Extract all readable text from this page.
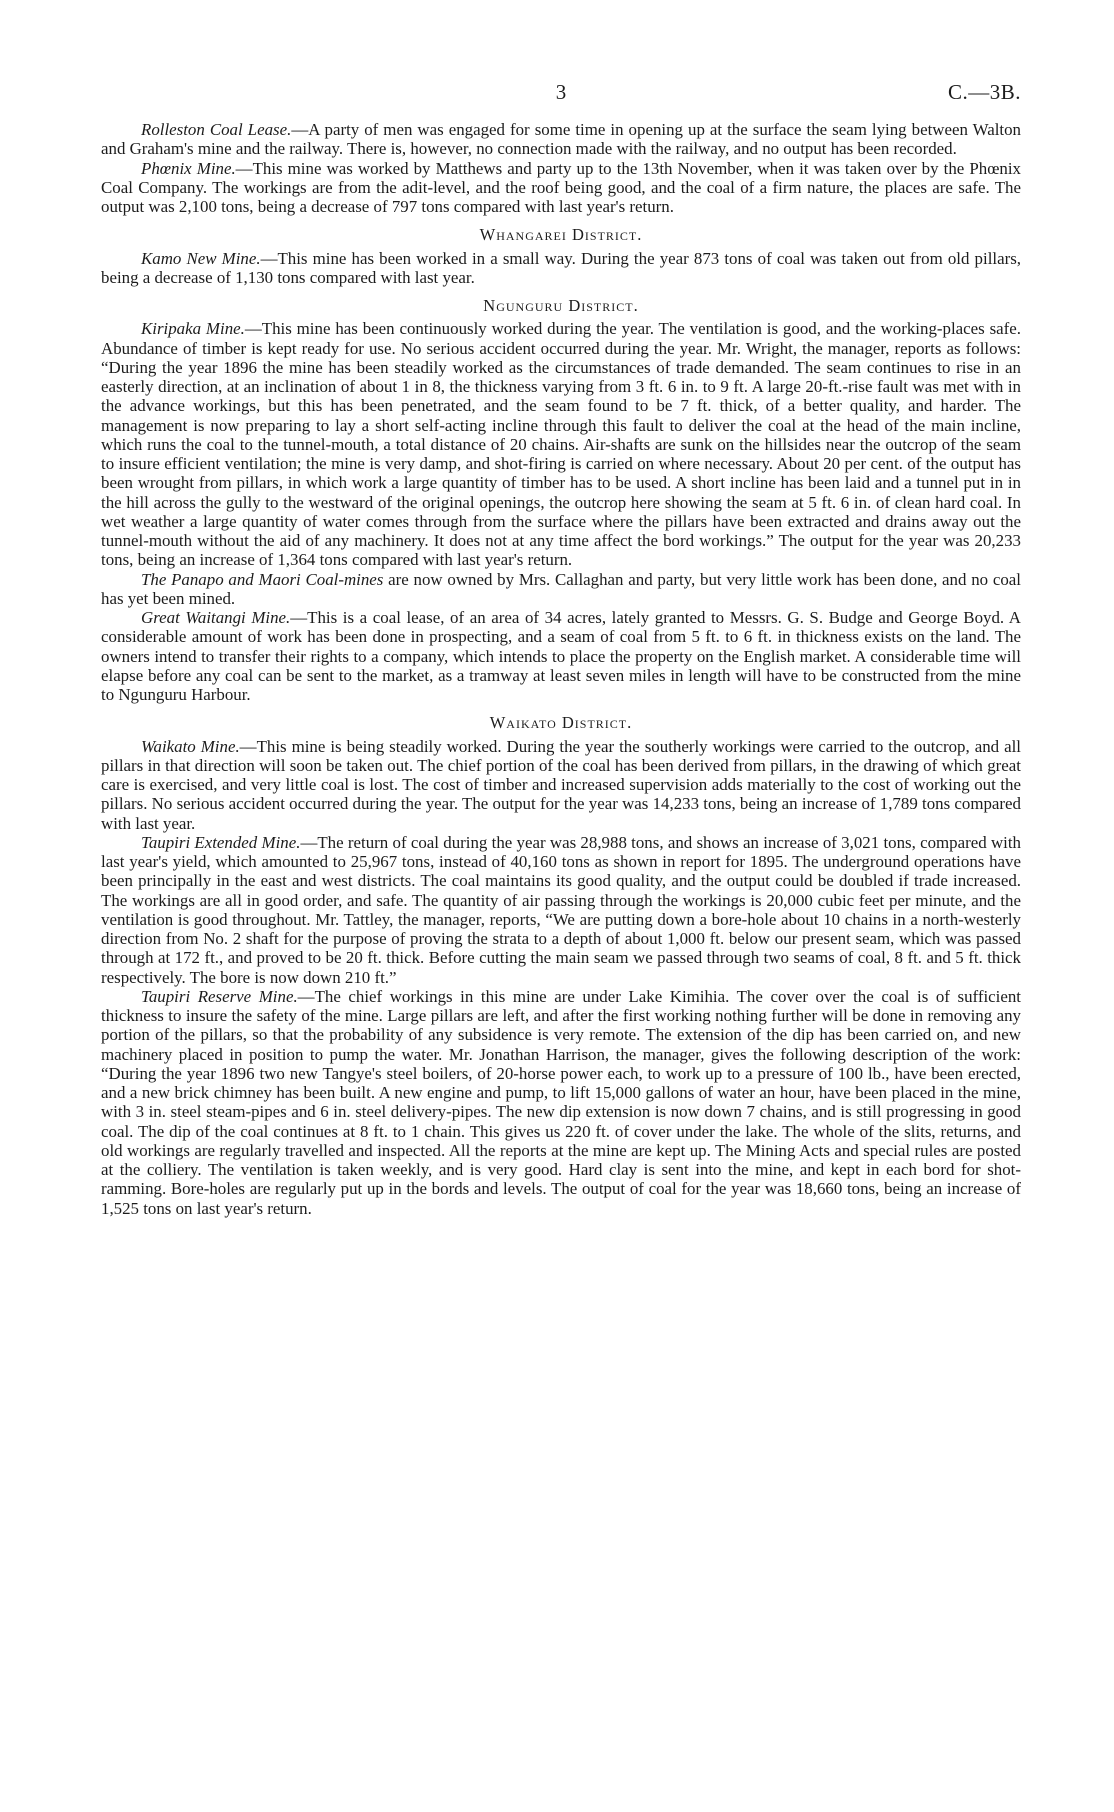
3	C.—3B.

Rolleston Coal Lease.—A party of men was engaged for some time in opening up at the surface the seam lying between Walton and Graham's mine and the railway. There is, however, no connection made with the railway, and no output has been recorded.

Phœnix Mine.—This mine was worked by Matthews and party up to the 13th November, when it was taken over by the Phœnix Coal Company. The workings are from the adit-level, and the roof being good, and the coal of a firm nature, the places are safe. The output was 2,100 tons, being a decrease of 797 tons compared with last year's return.

Whangarei District.

Kamo New Mine.—This mine has been worked in a small way. During the year 873 tons of coal was taken out from old pillars, being a decrease of 1,130 tons compared with last year.

Ngunguru District.

Kiripaka Mine.—This mine has been continuously worked during the year. The ventilation is good, and the working-places safe. Abundance of timber is kept ready for use. No serious accident occurred during the year. Mr. Wright, the manager, reports as follows: “During the year 1896 the mine has been steadily worked as the circumstances of trade demanded. The seam continues to rise in an easterly direction, at an inclination of about 1 in 8, the thickness varying from 3 ft. 6 in. to 9 ft. A large 20-ft.-rise fault was met with in the advance workings, but this has been penetrated, and the seam found to be 7 ft. thick, of a better quality, and harder. The management is now preparing to lay a short self-acting incline through this fault to deliver the coal at the head of the main incline, which runs the coal to the tunnel-mouth, a total distance of 20 chains. Air-shafts are sunk on the hillsides near the outcrop of the seam to insure efficient ventilation; the mine is very damp, and shot-firing is carried on where necessary. About 20 per cent. of the output has been wrought from pillars, in which work a large quantity of timber has to be used. A short incline has been laid and a tunnel put in in the hill across the gully to the westward of the original openings, the outcrop here showing the seam at 5 ft. 6 in. of clean hard coal. In wet weather a large quantity of water comes through from the surface where the pillars have been extracted and drains away out the tunnel-mouth without the aid of any machinery. It does not at any time affect the bord workings.” The output for the year was 20,233 tons, being an increase of 1,364 tons compared with last year's return.

The Panapo and Maori Coal-mines are now owned by Mrs. Callaghan and party, but very little work has been done, and no coal has yet been mined.

Great Waitangi Mine.—This is a coal lease, of an area of 34 acres, lately granted to Messrs. G. S. Budge and George Boyd. A considerable amount of work has been done in prospecting, and a seam of coal from 5 ft. to 6 ft. in thickness exists on the land. The owners intend to transfer their rights to a company, which intends to place the property on the English market. A considerable time will elapse before any coal can be sent to the market, as a tramway at least seven miles in length will have to be constructed from the mine to Ngunguru Harbour.

Waikato District.

Waikato Mine.—This mine is being steadily worked. During the year the southerly workings were carried to the outcrop, and all pillars in that direction will soon be taken out. The chief portion of the coal has been derived from pillars, in the drawing of which great care is exercised, and very little coal is lost. The cost of timber and increased supervision adds materially to the cost of working out the pillars. No serious accident occurred during the year. The output for the year was 14,233 tons, being an increase of 1,789 tons compared with last year.

Taupiri Extended Mine.—The return of coal during the year was 28,988 tons, and shows an increase of 3,021 tons, compared with last year's yield, which amounted to 25,967 tons, instead of 40,160 tons as shown in report for 1895. The underground operations have been principally in the east and west districts. The coal maintains its good quality, and the output could be doubled if trade increased. The workings are all in good order, and safe. The quantity of air passing through the workings is 20,000 cubic feet per minute, and the ventilation is good throughout. Mr. Tattley, the manager, reports, “We are putting down a bore-hole about 10 chains in a north-westerly direction from No. 2 shaft for the purpose of proving the strata to a depth of about 1,000 ft. below our present seam, which was passed through at 172 ft., and proved to be 20 ft. thick. Before cutting the main seam we passed through two seams of coal, 8 ft. and 5 ft. thick respectively. The bore is now down 210 ft.”

Taupiri Reserve Mine.—The chief workings in this mine are under Lake Kimihia. The cover over the coal is of sufficient thickness to insure the safety of the mine. Large pillars are left, and after the first working nothing further will be done in removing any portion of the pillars, so that the probability of any subsidence is very remote. The extension of the dip has been carried on, and new machinery placed in position to pump the water. Mr. Jonathan Harrison, the manager, gives the following description of the work: “During the year 1896 two new Tangye's steel boilers, of 20-horse power each, to work up to a pressure of 100 lb., have been erected, and a new brick chimney has been built. A new engine and pump, to lift 15,000 gallons of water an hour, have been placed in the mine, with 3 in. steel steam-pipes and 6 in. steel delivery-pipes. The new dip extension is now down 7 chains, and is still progressing in good coal. The dip of the coal continues at 8 ft. to 1 chain. This gives us 220 ft. of cover under the lake. The whole of the slits, returns, and old workings are regularly travelled and inspected. All the reports at the mine are kept up. The Mining Acts and special rules are posted at the colliery. The ventilation is taken weekly, and is very good. Hard clay is sent into the mine, and kept in each bord for shot-ramming. Bore-holes are regularly put up in the bords and levels. The output of coal for the year was 18,660 tons, being an increase of 1,525 tons on last year's return.
